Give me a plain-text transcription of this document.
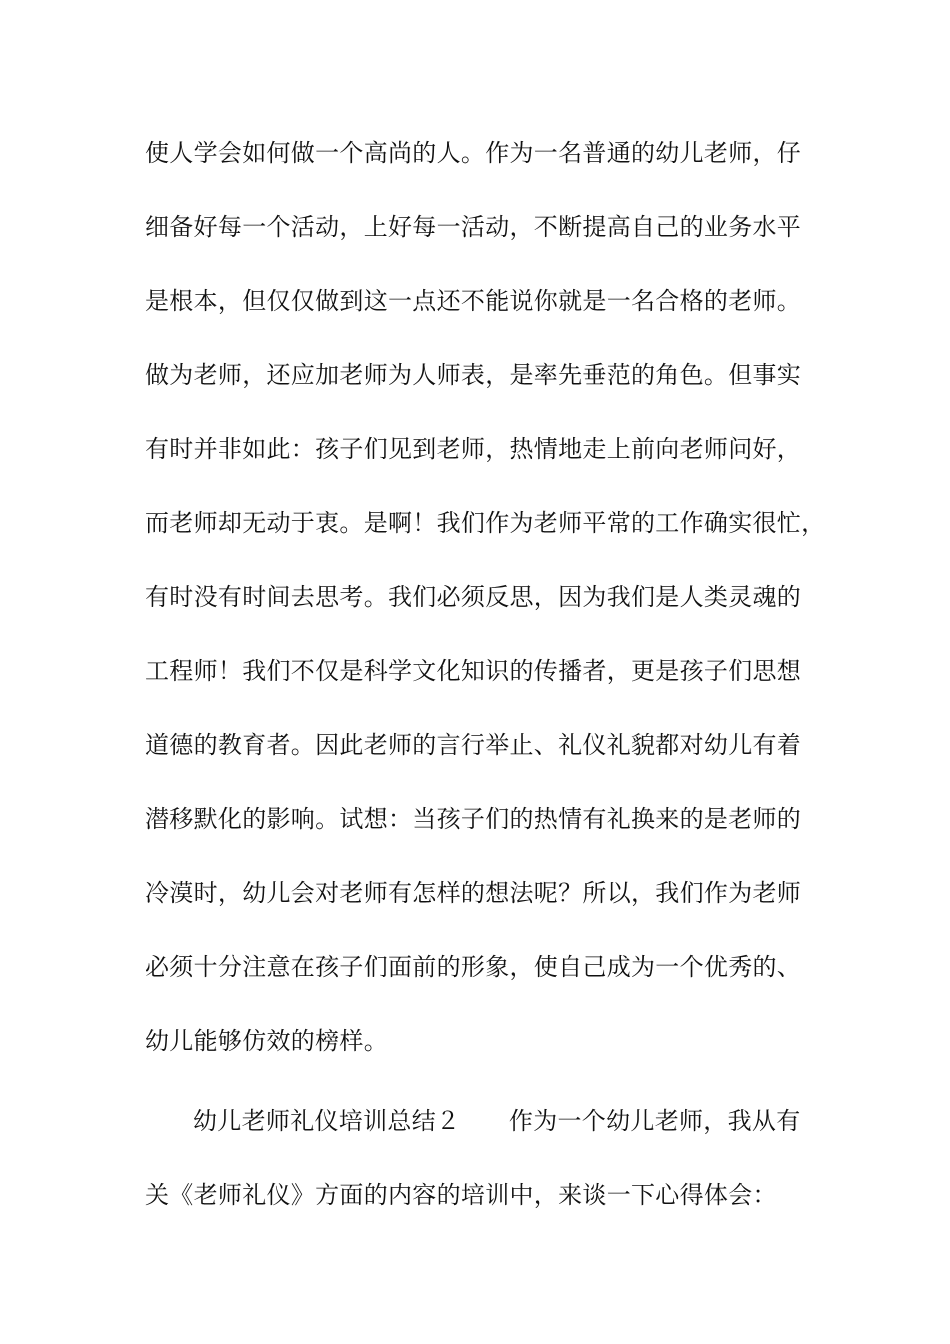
使人学会如何做一个高尚的人。作为一名普通的幼儿老师，仔
细备好每一个活动，上好每一活动，不断提高自己的业务水平
是根本，但仅仅做到这一点还不能说你就是一名合格的老师。
做为老师，还应加老师为人师表，是率先垂范的角色。但事实
有时并非如此：孩子们见到老师，热情地走上前向老师问好，
而老师却无动于衷。是啊！我们作为老师平常的工作确实很忙，
有时没有时间去思考。我们必须反思，因为我们是人类灵魂的
工程师！我们不仅是科学文化知识的传播者，更是孩子们思想
道德的教育者。因此老师的言行举止、礼仪礼貌都对幼儿有着
潜移默化的影响。试想：当孩子们的热情有礼换来的是老师的
冷漠时，幼儿会对老师有怎样的想法呢？所以，我们作为老师
必须十分注意在孩子们面前的形象，使自己成为一个优秀的、
幼儿能够仿效的榜样。
幼儿老师礼仪培训总结２　　作为一个幼儿老师，我从有
关《老师礼仪》方面的内容的培训中，来谈一下心得体会：
